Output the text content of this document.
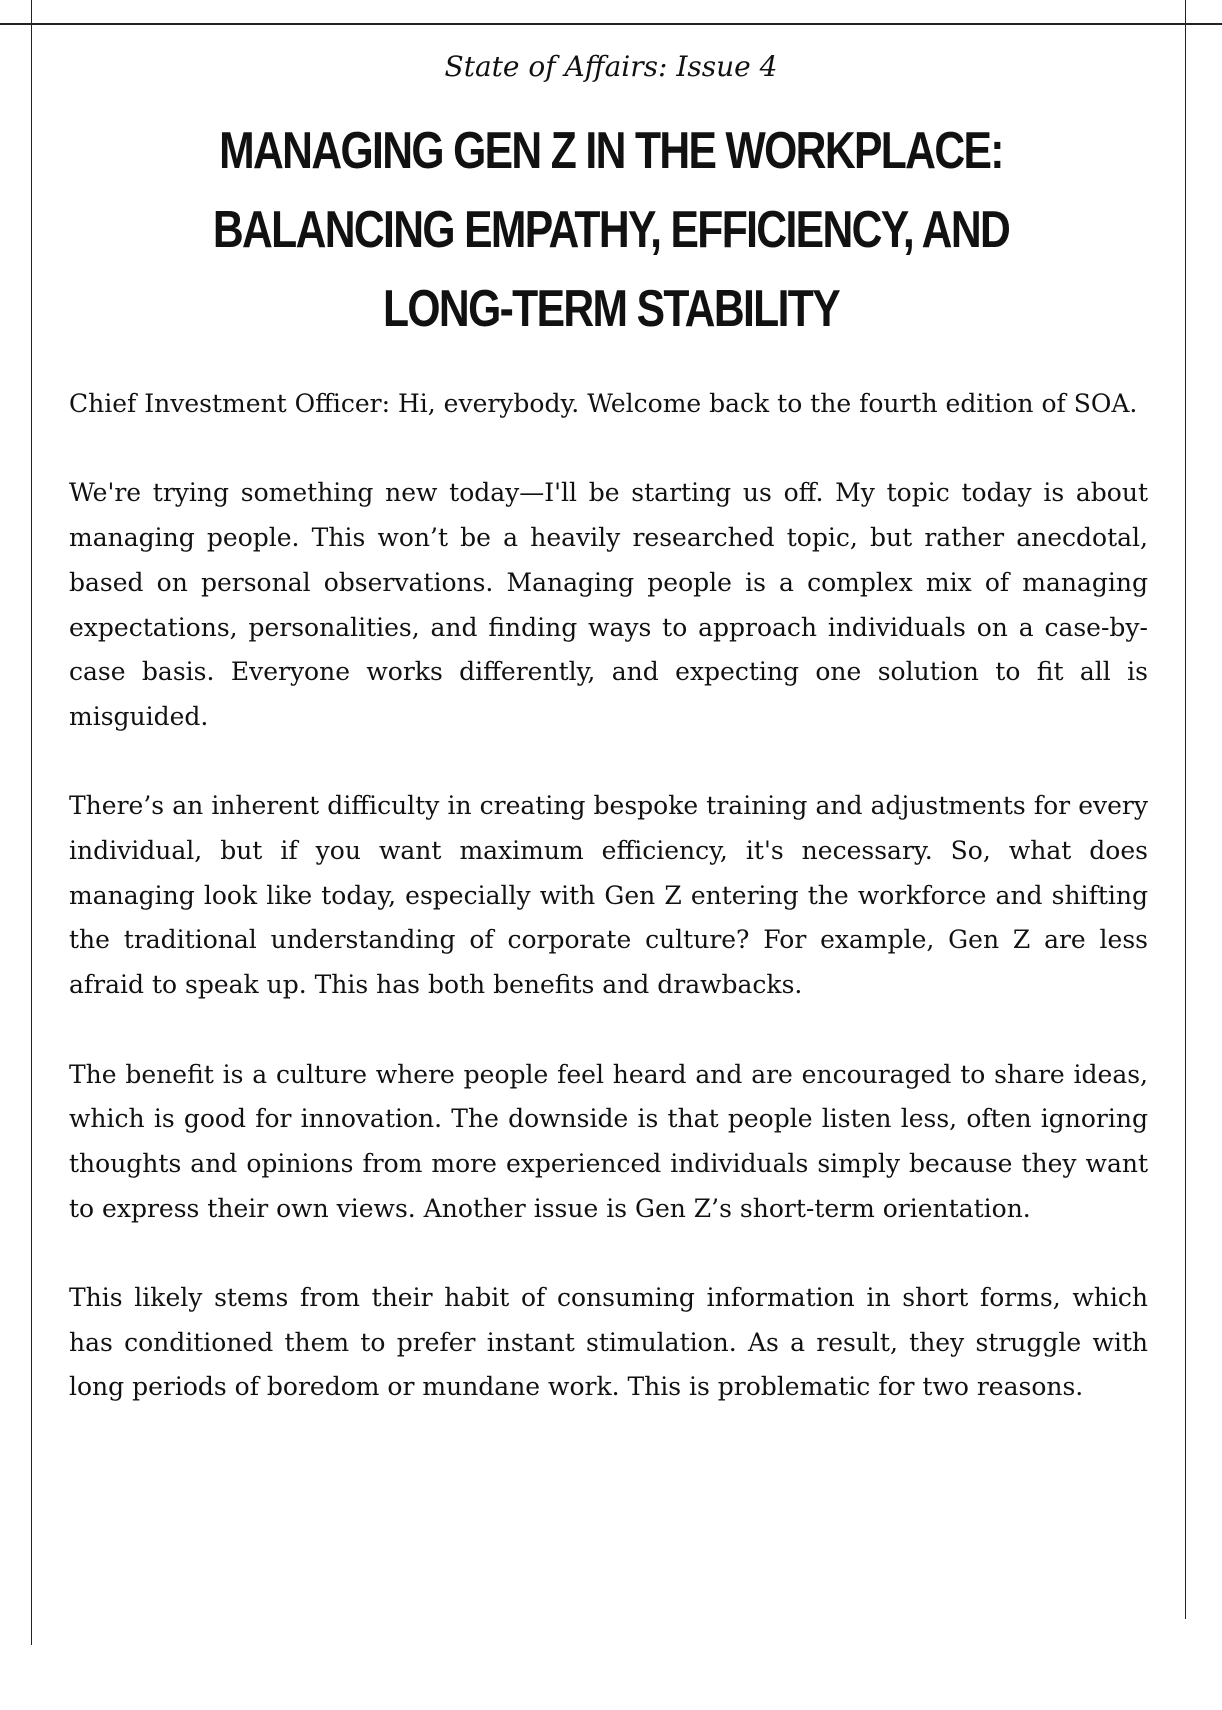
State of Affairs: Issue 4
MANAGING GEN Z IN THE WORKPLACE: BALANCING EMPATHY, EFFICIENCY, AND LONG-TERM STABILITY

Chief Investment Officer: Hi, everybody. Welcome back to the fourth edition of SOA.

We're trying something new today—I'll be starting us off. My topic today is about managing people. This won’t be a heavily researched topic, but rather anecdotal, based on personal observations. Managing people is a complex mix of managing expectations, personalities, and finding ways to approach individuals on a case-by-case basis. Everyone works differently, and expecting one solution to fit all is misguided.

There’s an inherent difficulty in creating bespoke training and adjustments for every individual, but if you want maximum efficiency, it's necessary. So, what does managing look like today, especially with Gen Z entering the workforce and shifting the traditional understanding of corporate culture? For example, Gen Z are less afraid to speak up. This has both benefits and drawbacks.

The benefit is a culture where people feel heard and are encouraged to share ideas, which is good for innovation. The downside is that people listen less, often ignoring thoughts and opinions from more experienced individuals simply because they want to express their own views. Another issue is Gen Z’s short-term orientation.

This likely stems from their habit of consuming information in short forms, which has conditioned them to prefer instant stimulation. As a result, they struggle with long periods of boredom or mundane work. This is problematic for two reasons.
